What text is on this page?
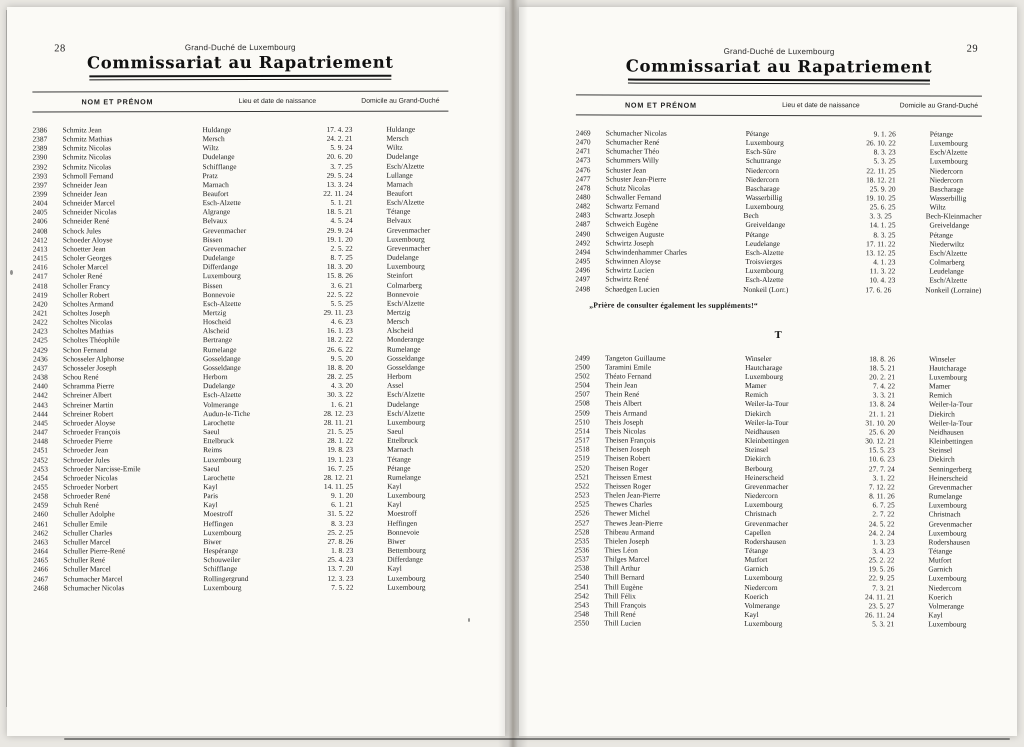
28	Grand-Duché de Luxembourg
Commissariat au Rapatriement
NOM ET PRÉNOM	Lieu et date de naissance	Domicile au Grand-Duché
2386	Schmitz Jean	Huldange	17. 4. 23	Huldange
2387	Schmitz Mathias	Mersch	24. 2. 21	Mersch
2389	Schmitz Nicolas	Wiltz	5. 9. 24	Wiltz
2390	Schmitz Nicolas	Dudelange	20. 6. 20	Dudelange
2392	Schmitz Nicolas	Schifflange	3. 7. 25	Esch/Alzette
2393	Schmoll Fernand	Pratz	29. 5. 24	Lullange
2397	Schneider Jean	Marnach	13. 3. 24	Marnach
2399	Schneider Jean	Beaufort	22. 11. 24	Beaufort
2404	Schneider Marcel	Esch-Alzette	5. 1. 21	Esch/Alzette
2405	Schneider Nicolas	Algrange	18. 5. 21	Tétange
2406	Schneider René	Belvaux	4. 5. 24	Belvaux
2408	Schock Jules	Grevenmacher	29. 9. 24	Grevenmacher
2412	Schoeder Aloyse	Bissen	19. 1. 20	Luxembourg
2413	Schoetter Jean	Grevenmacher	2. 5. 22	Grevenmacher
2415	Scholer Georges	Dudelange	8. 7. 25	Dudelange
2416	Scholer Marcel	Differdange	18. 3. 20	Luxembourg
2417	Scholer René	Luxembourg	15. 8. 26	Steinfort
2418	Scholler Francy	Bissen	3. 6. 21	Colmarberg
2419	Scholler Robert	Bonnevoie	22. 5. 22	Bonnevoie
2420	Scholtes Armand	Esch-Alzette	5. 5. 25	Esch/Alzette
2421	Scholtes Joseph	Mertzig	29. 11. 23	Mertzig
2422	Scholtes Nicolas	Hoscheid	4. 6. 23	Mersch
2423	Scholtes Mathias	Alscheid	16. 1. 23	Alscheid
2425	Scholtes Théophile	Bertrange	18. 2. 22	Monderange
2429	Schon Fernand	Rumelange	26. 6. 22	Rumelange
2436	Schosseler Alphonse	Gosseldange	9. 5. 20	Gosseldange
2437	Schosseler Joseph	Gosseldange	18. 8. 20	Gosseldange
2438	Schou René	Herborn	28. 2. 25	Herborn
2440	Schramma Pierre	Dudelange	4. 3. 20	Assel
2442	Schreiner Albert	Esch-Alzette	30. 3. 22	Esch/Alzette
2443	Schreiner Martin	Volmerange	1. 6. 21	Dudelange
2444	Schreiner Robert	Audun-le-Tiche	28. 12. 23	Esch/Alzette
2445	Schroeder Aloyse	Larochette	28. 11. 21	Luxembourg
2447	Schroeder François	Saeul	21. 5. 25	Saeul
2448	Schroeder Pierre	Ettelbruck	28. 1. 22	Ettelbruck
2451	Schroeder Jean	Reims	19. 8. 23	Marnach
2452	Schroeder Jules	Luxembourg	19. 1. 23	Tétange
2453	Schroeder Narcisse-Emile	Saeul	16. 7. 25	Pétange
2454	Schroeder Nicolas	Larochette	28. 12. 21	Rumelange
2455	Schroeder Norbert	Kayl	14. 11. 25	Kayl
2458	Schroeder René	Paris	9. 1. 20	Luxembourg
2459	Schuh René	Kayl	6. 1. 21	Kayl
2460	Schuller Adolphe	Moestroff	31. 5. 22	Moestroff
2461	Schuller Emile	Heffingen	8. 3. 23	Heffingen
2462	Schuller Charles	Luxembourg	25. 2. 25	Bonnevoie
2463	Schuller Marcel	Biwer	27. 8. 26	Biwer
2464	Schuller Pierre-René	Hespérange	1. 8. 23	Bettembourg
2465	Schuller René	Schouweiler	25. 4. 23	Differdange
2466	Schuller Marcel	Schifflange	13. 7. 20	Kayl
2467	Schumacher Marcel	Rollingergrund	12. 3. 23	Luxembourg
2468	Schumacher Nicolas	Luxembourg	7. 5. 22	Luxembourg
29
Grand-Duché de Luxembourg
Commissariat au Rapatriement
NOM ET PRÉNOM	Lieu et date de naissance	Domicile au Grand-Duché
2469	Schumacher Nicolas	Pétange	9. 1. 26	Pétange
2470	Schumacher René	Luxembourg	26. 10. 22	Luxembourg
2471	Schumacher Théo	Esch-Sûre	8. 3. 23	Esch/Alzette
2473	Schummers Willy	Schuttrange	5. 3. 25	Luxembourg
2476	Schuster Jean	Niedercorn	22. 11. 25	Niedercorn
2477	Schuster Jean-Pierre	Niedercorn	18. 12. 21	Niedercorn
2478	Schutz Nicolas	Bascharage	25. 9. 20	Bascharage
2480	Schwaller Fernand	Wasserbillig	19. 10. 25	Wasserbillig
2482	Schwartz Fernand	Luxembourg	25. 6. 25	Wiltz
2483	Schwartz Joseph	Bech	3. 3. 25	Bech-Kleinmacher
2487	Schweich Eugène	Greiveldange	14. 1. 25	Greiveldange
2490	Schweigen Auguste	Pétange	8. 3. 25	Pétange
2492	Schwirtz Joseph	Leudelange	17. 11. 22	Niederwiltz
2494	Schwindenhammer Charles	Esch-Alzette	13. 12. 25	Esch/Alzette
2495	Schwinnen Aloyse	Troisvierges	4. 1. 23	Colmarberg
2496	Schwirtz Lucien	Luxembourg	11. 3. 22	Leudelange
2497	Schwirtz René	Esch-Alzette	10. 4. 23	Esch/Alzette
2498	Schaedgen Lucien	Nonkeil (Lorr.)	17. 6. 26	Nonkeil (Lorraine)
„Prière de consulter également les suppléments!“
T
2499	Tangeton Guillaume	Winseler	18. 8. 26	Winseler
2500	Taramini Emile	Hautcharage	18. 5. 21	Hautcharage
2502	Théato Fernand	Luxembourg	20. 2. 21	Luxembourg
2504	Thein Jean	Mamer	7. 4. 22	Mamer
2507	Thein René	Remich	3. 3. 21	Remich
2508	Theis Albert	Weiler-la-Tour	13. 8. 24	Weiler-la-Tour
2509	Theis Armand	Diekirch	21. 1. 21	Diekirch
2510	Theis Joseph	Weiler-la-Tour	31. 10. 20	Weiler-la-Tour
2514	Theis Nicolas	Neidhausen	25. 6. 20	Neidhausen
2517	Theisen François	Kleinbettingen	30. 12. 21	Kleinbettingen
2518	Theisen Joseph	Steinsel	15. 5. 23	Steinsel
2519	Theisen Robert	Diekirch	10. 6. 23	Diekirch
2520	Theisen Roger	Berbourg	27. 7. 24	Senningerberg
2521	Theissen Ernest	Heinerscheid	3. 1. 22	Heinerscheid
2522	Theissen Roger	Grevenmacher	7. 12. 22	Grevenmacher
2523	Thelen Jean-Pierre	Niedercorn	8. 11. 26	Rumelange
2525	Thewes Charles	Luxembourg	6. 7. 25	Luxembourg
2526	Thewer Michel	Christnach	2. 7. 22	Christnach
2527	Thewes Jean-Pierre	Grevenmacher	24. 5. 22	Grevenmacher
2528	Thibeau Armand	Capellen	24. 2. 24	Luxembourg
2535	Thielen Joseph	Rodershausen	1. 3. 23	Rodershausen
2536	Thies Léon	Tétange	3. 4. 23	Tétange
2537	Thilges Marcel	Mutfort	25. 2. 22	Mutfort
2538	Thill Arthur	Garnich	19. 5. 26	Garnich
2540	Thill Bernard	Luxembourg	22. 9. 25	Luxembourg
2541	Thill Eugène	Niedercorn	7. 3. 21	Niedercorn
2542	Thill Félix	Koerich	24. 11. 21	Koerich
2543	Thill François	Volmerange	23. 5. 27	Volmerange
2548	Thill René	Kayl	26. 11. 24	Kayl
2550	Thill Lucien	Luxembourg	5. 3. 21	Luxembourg
